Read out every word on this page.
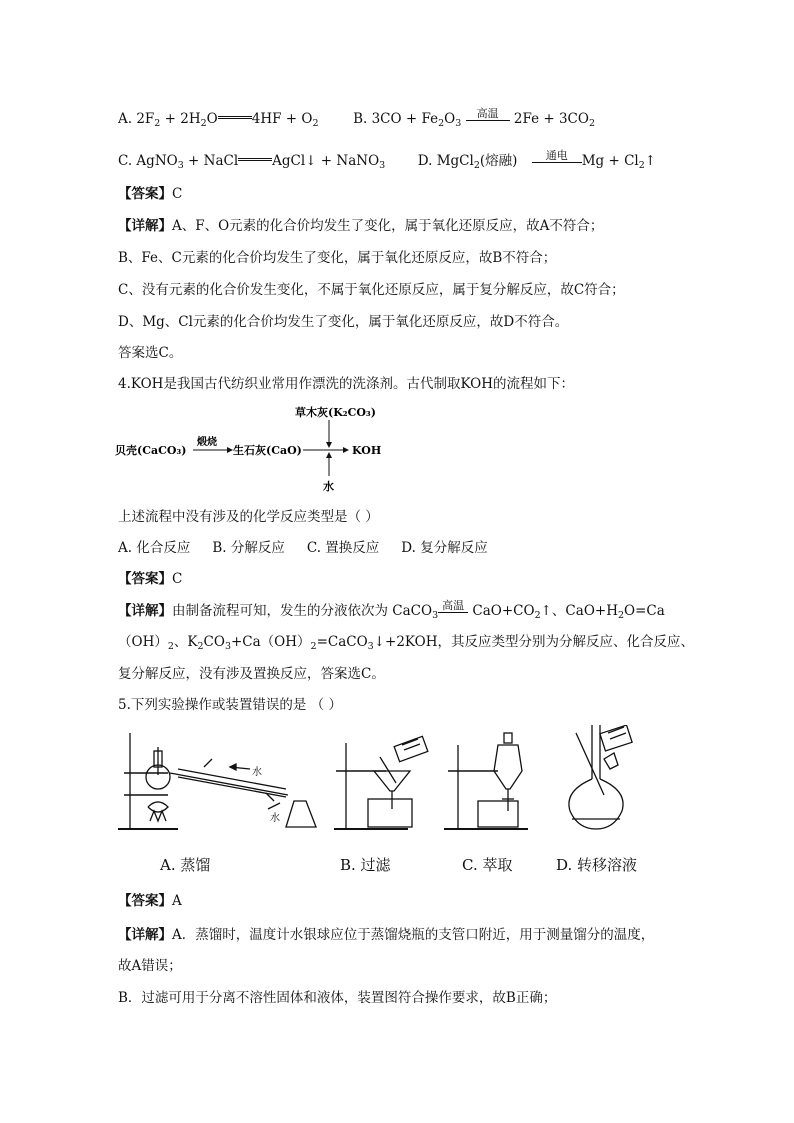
A. $2F_2 + 2H_2O$	$4HF + O_2$	B. $3CO + Fe_2O_3$ 高温 $2Fe + 3CO_2$
C. AgNO$_3$ + NaCl	AgCl↓ + NaNO$_3$ D. MgCl$_2$(熔融)	通电 $Mg + Cl_2↑$
【答案】C
【详解】A、F、O元素的化合价均发生了变化，属于氧化还原反应，故A不符合；
B、Fe、C元素的化合价均发生了变化，属于氧化还原反应，故B不符合；
C、没有元素的化合价发生变化，不属于氧化还原反应，属于复分解反应，故C符合；
D、Mg、Cl元素的化合价均发生了变化，属于氧化还原反应，故D不符合。
答案选C。
4.KOH是我国古代纺织业常用作漂洗的洗涤剂。古代制取KOH的流程如下：
草木灰(K₂CO₃)
贝壳(CaCO₃)
煅烧
生石灰(CaO)	KOH
水
上述流程中没有涉及的化学反应类型是（ ）
A. 化合反应 B. 分解反应 C. 置换反应 D. 复分解反应
【答案】C
【详解】由制备流程可知，发生的分液依次为 CaCO$_3$高温
$CaO+CO_2↑$、$CaO+H_2O=Ca$
$(OH)_2$、$K_2CO_3+Ca(OH)_2=CaCO_3↓+2KOH$，其反应类型分别为分解反应、化合反应、
复分解反应，没有涉及置换反应，答案选C。
5.下列实验操作或装置错误的是 （ ）
水
水
A. 蒸馏	B. 过滤	C. 萃取	D. 转移溶液
【答案】A
【详解】A．蒸馏时，温度计水银球应位于蒸馏烧瓶的支管口附近，用于测量馏分的温度，
故A错误；
B．过滤可用于分离不溶性固体和液体，装置图符合操作要求，故B正确；
